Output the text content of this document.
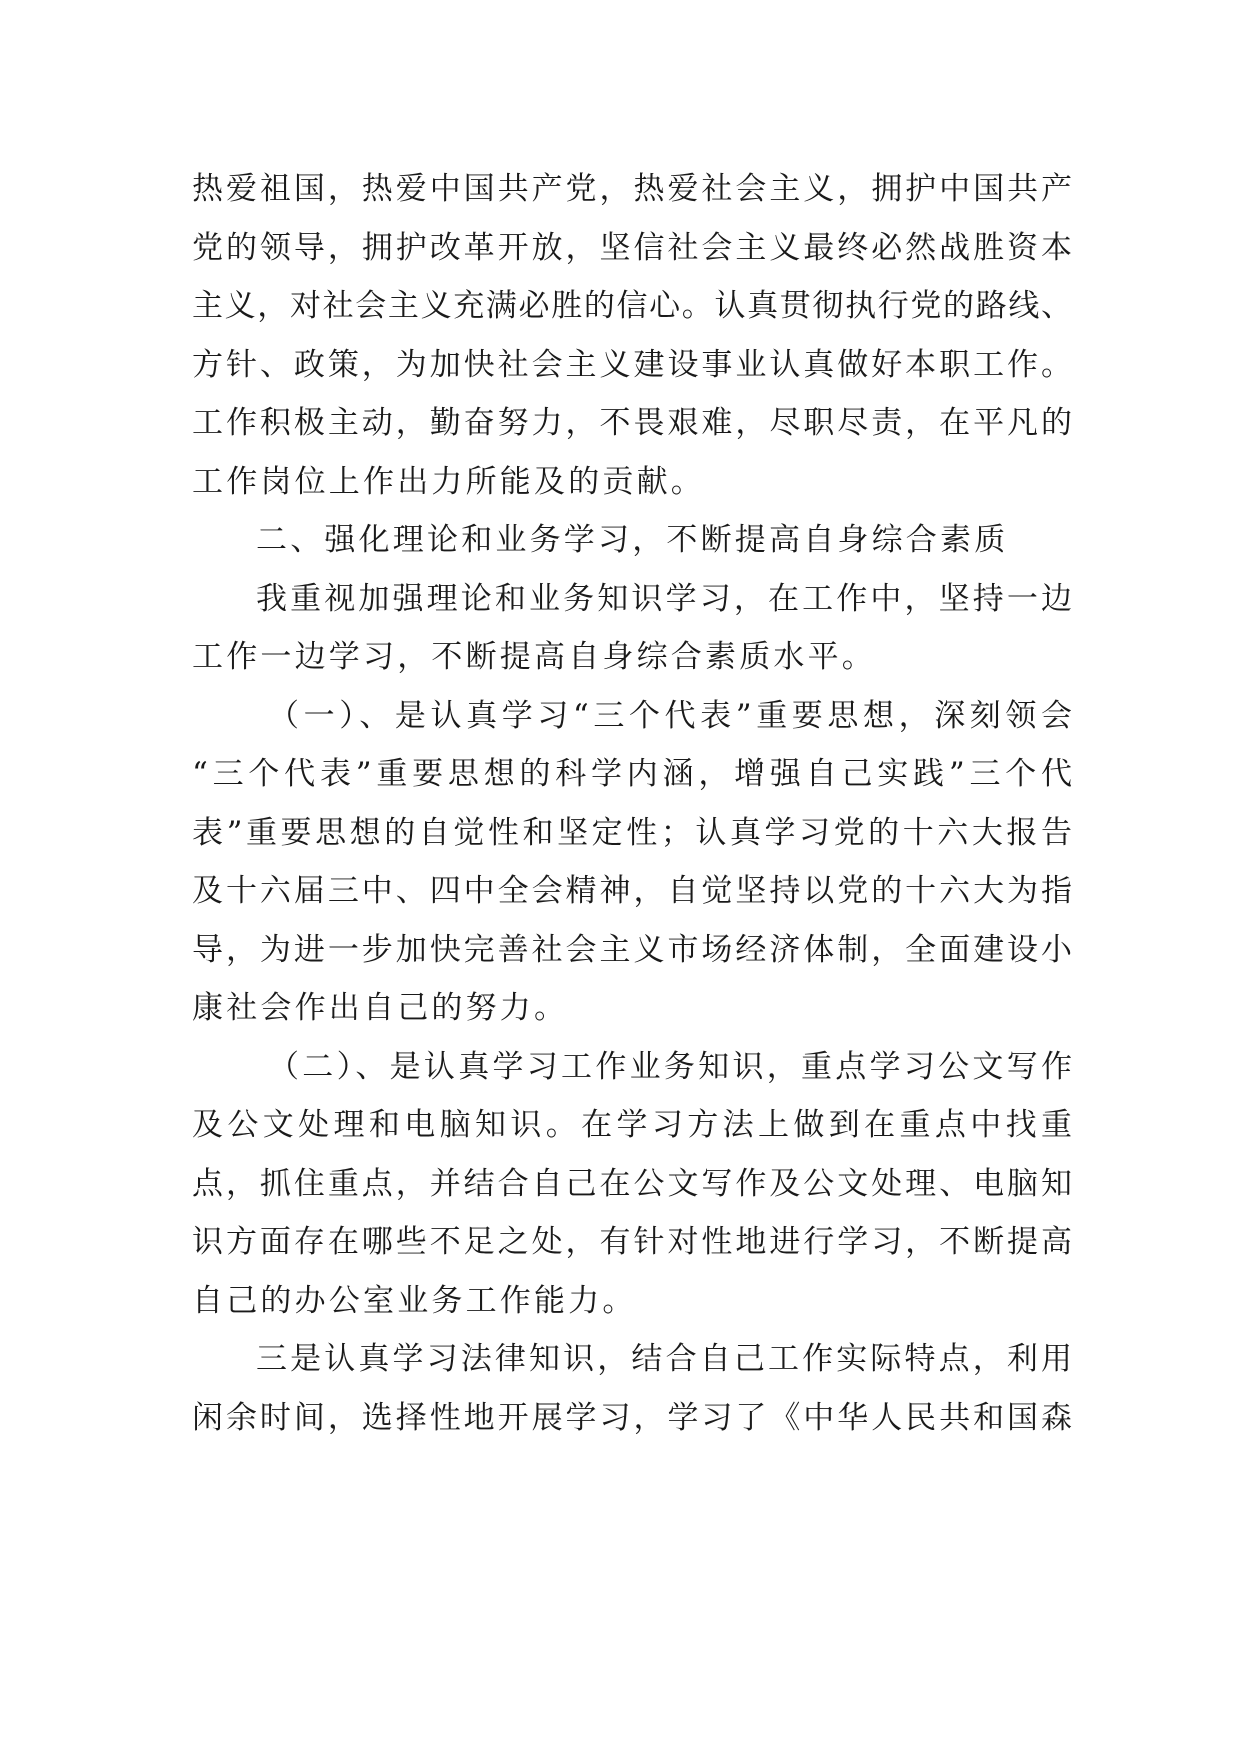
热爱祖国，热爱中国共产党，热爱社会主义，拥护中国共产
党的领导，拥护改革开放，坚信社会主义最终必然战胜资本
主义，对社会主义充满必胜的信心。认真贯彻执行党的路线、
方针、政策，为加快社会主义建设事业认真做好本职工作。
工作积极主动，勤奋努力，不畏艰难，尽职尽责，在平凡的
工作岗位上作出力所能及的贡献。
二、强化理论和业务学习，不断提高自身综合素质
我重视加强理论和业务知识学习，在工作中，坚持一边
工作一边学习，不断提高自身综合素质水平。
（一）、是认真学习“三个代表”重要思想，深刻领会
“三个代表”重要思想的科学内涵，增强自己实践”三个代
表”重要思想的自觉性和坚定性；认真学习党的十六大报告
及十六届三中、四中全会精神，自觉坚持以党的十六大为指
导，为进一步加快完善社会主义市场经济体制，全面建设小
康社会作出自己的努力。
（二）、是认真学习工作业务知识，重点学习公文写作
及公文处理和电脑知识。在学习方法上做到在重点中找重
点，抓住重点，并结合自己在公文写作及公文处理、电脑知
识方面存在哪些不足之处，有针对性地进行学习，不断提高
自己的办公室业务工作能力。
三是认真学习法律知识，结合自己工作实际特点，利用
闲余时间，选择性地开展学习，学习了《中华人民共和国森
